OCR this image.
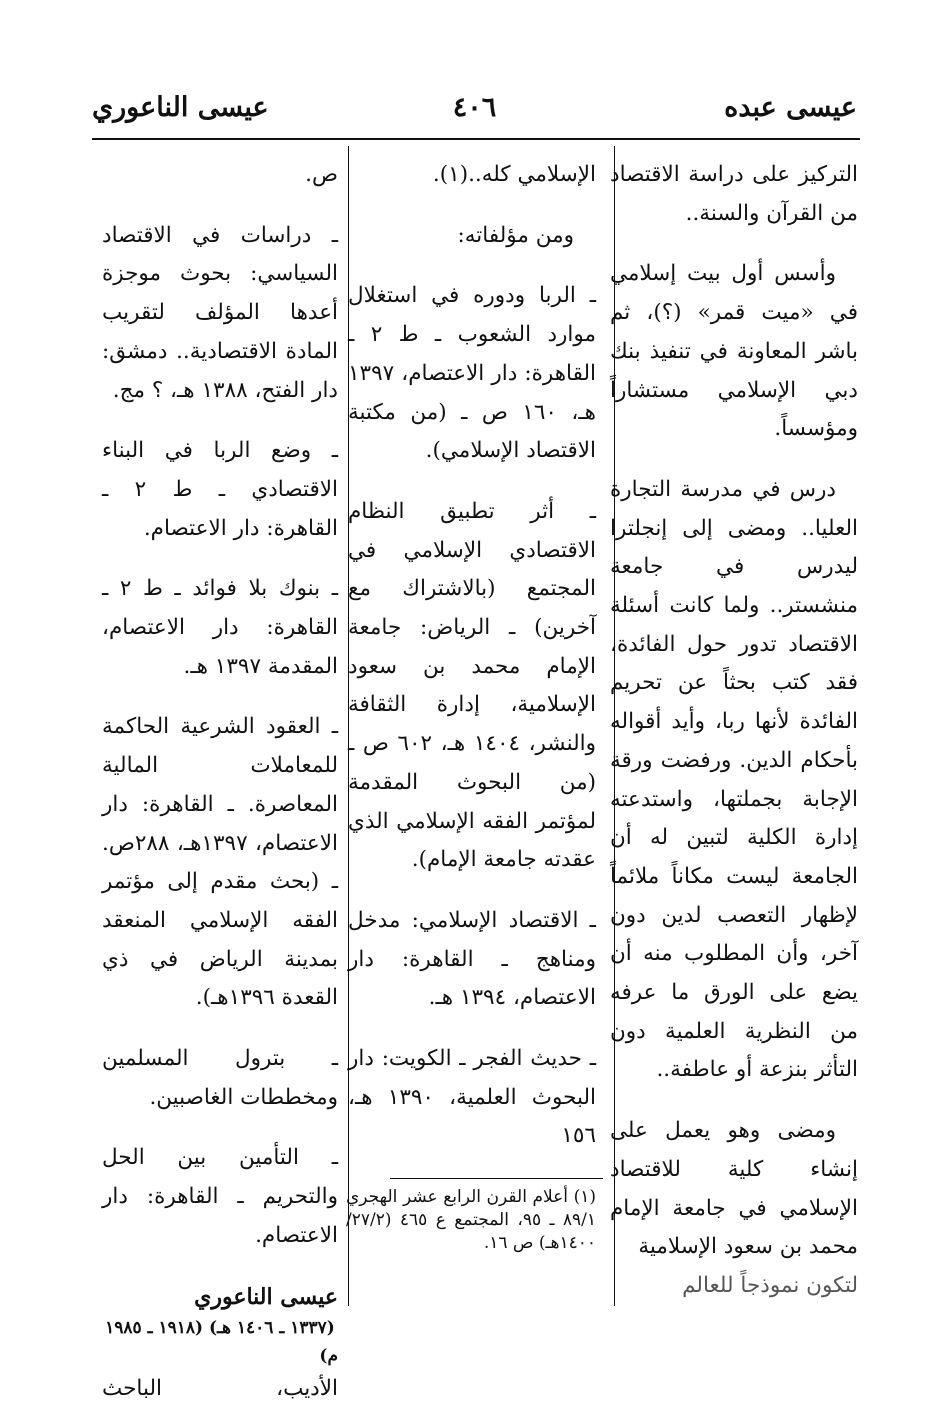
عيسى عبده
٤٠٦
عيسى الناعوري

التركيز على دراسة الاقتصاد من القرآن والسنة..

وأسس أول بيت إسلامي في «ميت قمر» (؟)، ثم باشر المعاونة في تنفيذ بنك دبي الإسلامي مستشاراً ومؤسساً.

درس في مدرسة التجارة العليا.. ومضى إلى إنجلترا ليدرس في جامعة منشستر.. ولما كانت أسئلة الاقتصاد تدور حول الفائدة، فقد كتب بحثاً عن تحريم الفائدة لأنها ربا، وأيد أقواله بأحكام الدين. ورفضت ورقة الإجابة بجملتها، واستدعته إدارة الكلية لتبين له أن الجامعة ليست مكاناً ملائماً لإظهار التعصب لدين دون آخر، وأن المطلوب منه أن يضع على الورق ما عرفه من النظرية العلمية دون التأثر بنزعة أو عاطفة..

ومضى وهو يعمل على إنشاء كلية للاقتصاد الإسلامي في جامعة الإمام محمد بن سعود الإسلامية

لتكون نموذجاً للعالم

الإسلامي كله..(١).

ومن مؤلفاته:

ـ الربا ودوره في استغلال موارد الشعوب ـ ط ٢ ـ القاهرة: دار الاعتصام، ١٣٩٧ هـ، ١٦٠ ص ـ (من مكتبة الاقتصاد الإسلامي).

ـ أثر تطبيق النظام الاقتصادي الإسلامي في المجتمع (بالاشتراك مع آخرين) ـ الرياض: جامعة الإمام محمد بن سعود الإسلامية، إدارة الثقافة والنشر، ١٤٠٤ هـ، ٦٠٢ ص ـ (من البحوث المقدمة لمؤتمر الفقه الإسلامي الذي عقدته جامعة الإمام).

ـ الاقتصاد الإسلامي: مدخل ومناهج ـ القاهرة: دار الاعتصام، ١٣٩٤ هـ.

ـ حديث الفجر ـ الكويت: دار البحوث العلمية، ١٣٩٠ هـ، ١٥٦

(١) أعلام القرن الرابع عشر الهجري ٨٩/١ ـ ٩٥، المجتمع ع ٤٦٥ (٢٧/٢/ ١٤٠٠هـ) ص ١٦.

ص.

ـ دراسات في الاقتصاد السياسي: بحوث موجزة أعدها المؤلف لتقريب المادة الاقتصادية.. دمشق: دار الفتح، ١٣٨٨ هـ، ؟ مج.

ـ وضع الربا في البناء الاقتصادي ـ ط ٢ ـ القاهرة: دار الاعتصام.

ـ بنوك بلا فوائد ـ ط ٢ ـ القاهرة: دار الاعتصام، المقدمة ١٣٩٧ هـ.

ـ العقود الشرعية الحاكمة للمعاملات المالية المعاصرة. ـ القاهرة: دار الاعتصام، ١٣٩٧هـ، ٢٨٨ص. ـ (بحث مقدم إلى مؤتمر الفقه الإسلامي المنعقد بمدينة الرياض في ذي القعدة ١٣٩٦هـ).

ـ بترول المسلمين ومخططات الغاصبين.

ـ التأمين بين الحل والتحريم ـ القاهرة: دار الاعتصام.

عيسى الناعوري
(١٣٣٧ ـ ١٤٠٦ هـ) (١٩١٨ ـ ١٩٨٥ م)
الأديب، الباحث
